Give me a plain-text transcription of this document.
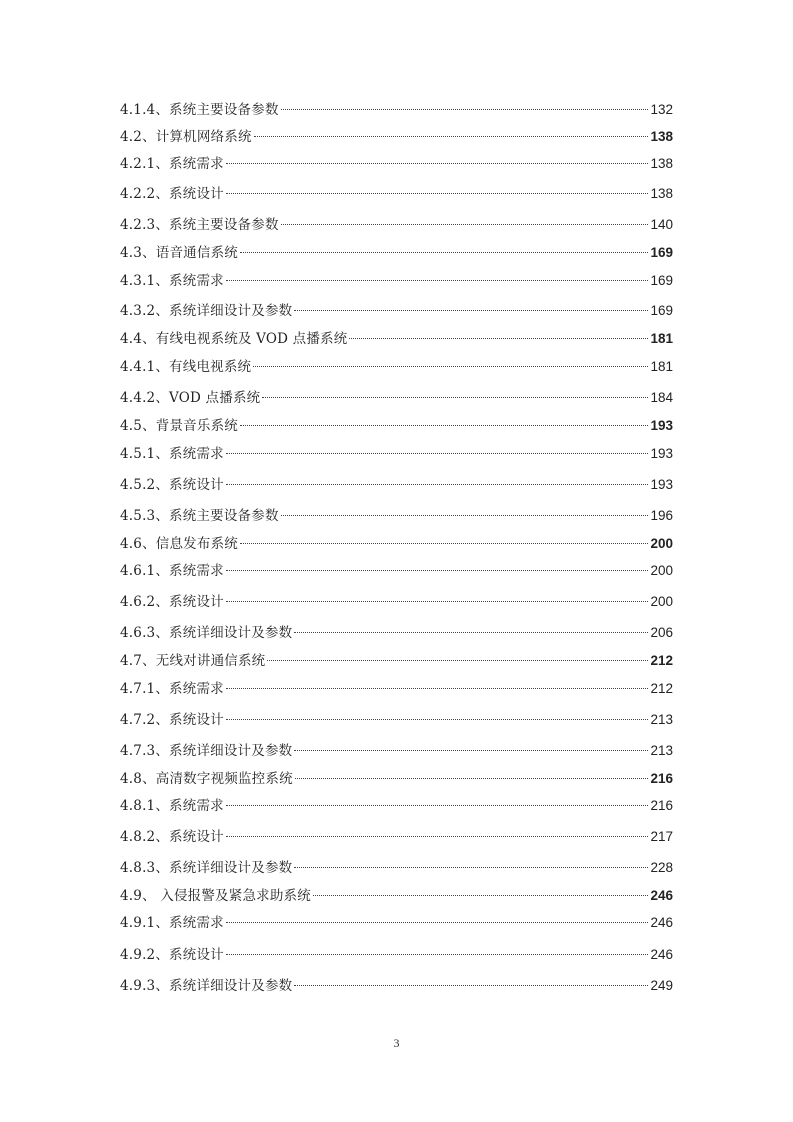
4.1.4、系统主要设备参数	132
4.2、计算机网络系统	138
4.2.1、系统需求	138
4.2.2、系统设计	138
4.2.3、系统主要设备参数	140
4.3、语音通信系统	169
4.3.1、系统需求	169
4.3.2、系统详细设计及参数	169
4.4、有线电视系统及 VOD 点播系统	181
4.4.1、有线电视系统	181
4.4.2、VOD 点播系统	184
4.5、背景音乐系统	193
4.5.1、系统需求	193
4.5.2、系统设计	193
4.5.3、系统主要设备参数	196
4.6、信息发布系统	200
4.6.1、系统需求	200
4.6.2、系统设计	200
4.6.3、系统详细设计及参数	206
4.7、无线对讲通信系统	212
4.7.1、系统需求	212
4.7.2、系统设计	213
4.7.3、系统详细设计及参数	213
4.8、高清数字视频监控系统	216
4.8.1、系统需求	216
4.8.2、系统设计	217
4.8.3、系统详细设计及参数	228
4.9、 入侵报警及紧急求助系统	246
4.9.1、系统需求	246
4.9.2、系统设计	246
4.9.3、系统详细设计及参数	249
3
